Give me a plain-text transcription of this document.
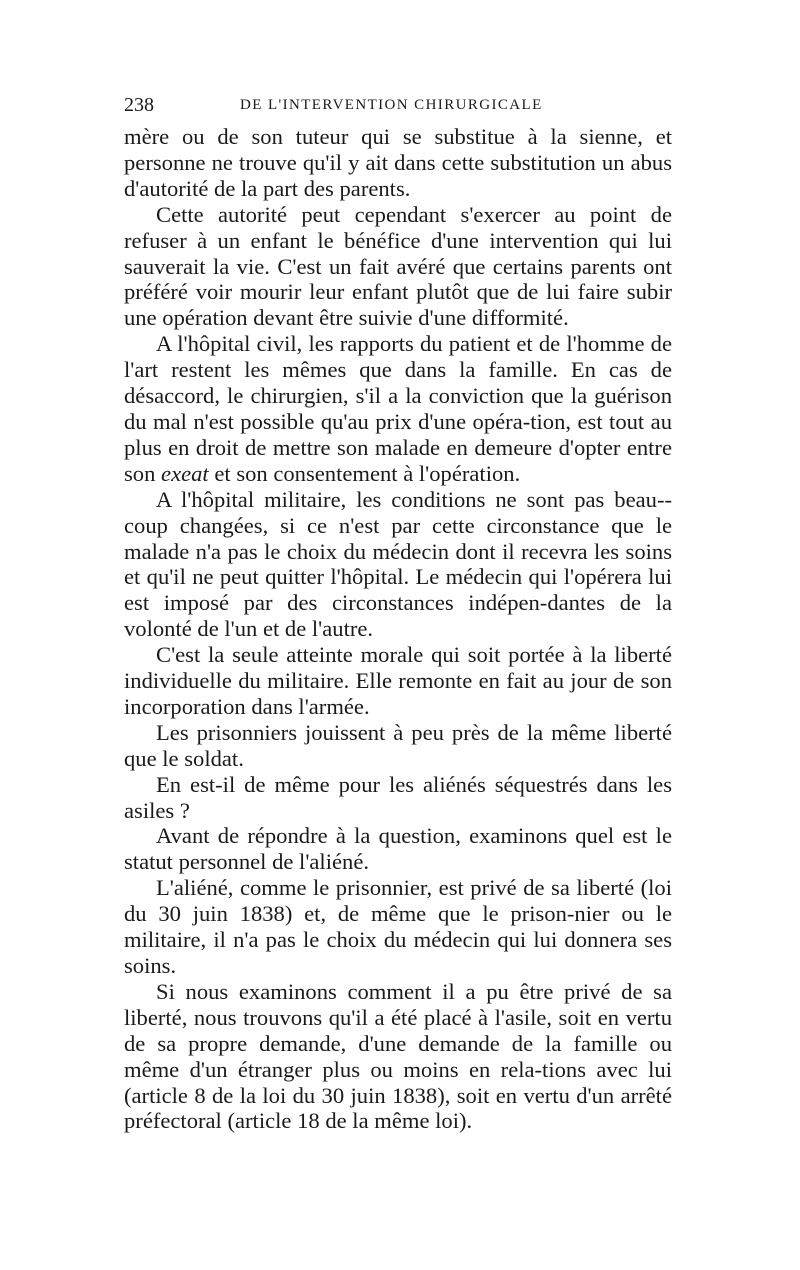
238	DE L'INTERVENTION CHIRURGICALE

mère ou de son tuteur qui se substitue à la sienne, et personne ne trouve qu'il y ait dans cette substitution un abus d'autorité de la part des parents.

Cette autorité peut cependant s'exercer au point de refuser à un enfant le bénéfice d'une intervention qui lui sauverait la vie. C'est un fait avéré que certains parents ont préféré voir mourir leur enfant plutôt que de lui faire subir une opération devant être suivie d'une difformité.

A l'hôpital civil, les rapports du patient et de l'homme de l'art restent les mêmes que dans la famille. En cas de désaccord, le chirurgien, s'il a la conviction que la guérison du mal n'est possible qu'au prix d'une opéra-tion, est tout au plus en droit de mettre son malade en demeure d'opter entre son exeat et son consentement à l'opération.

A l'hôpital militaire, les conditions ne sont pas beau-coup changées, si ce n'est par cette circonstance que le malade n'a pas le choix du médecin dont il recevra les soins et qu'il ne peut quitter l'hôpital. Le médecin qui l'opérera lui est imposé par des circonstances indépen-dantes de la volonté de l'un et de l'autre.

C'est la seule atteinte morale qui soit portée à la liberté individuelle du militaire. Elle remonte en fait au jour de son incorporation dans l'armée.

Les prisonniers jouissent à peu près de la même liberté que le soldat.

En est-il de même pour les aliénés séquestrés dans les asiles ?

Avant de répondre à la question, examinons quel est le statut personnel de l'aliéné.

L'aliéné, comme le prisonnier, est privé de sa liberté (loi du 30 juin 1838) et, de même que le prison-nier ou le militaire, il n'a pas le choix du médecin qui lui donnera ses soins.

Si nous examinons comment il a pu être privé de sa liberté, nous trouvons qu'il a été placé à l'asile, soit en vertu de sa propre demande, d'une demande de la famille ou même d'un étranger plus ou moins en rela-tions avec lui (article 8 de la loi du 30 juin 1838), soit en vertu d'un arrêté préfectoral (article 18 de la même loi).
